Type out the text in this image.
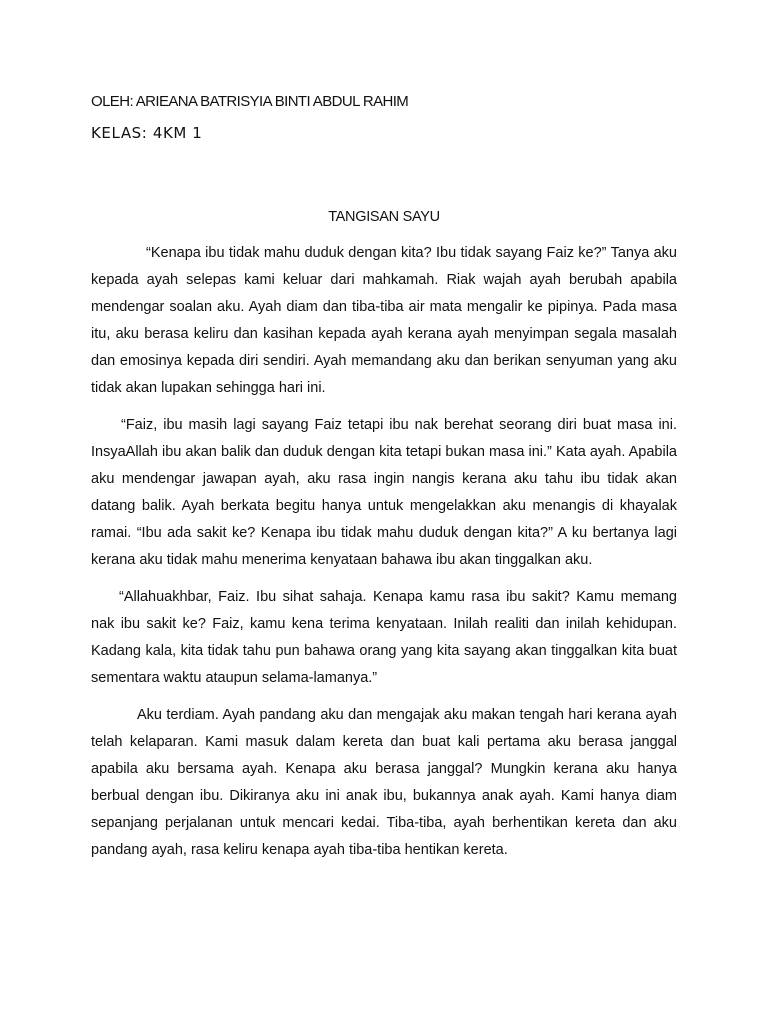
OLEH: ARIEANA BATRISYIA BINTI ABDUL RAHIM
KELAS: 4KM 1
TANGISAN SAYU

“Kenapa ibu tidak mahu duduk dengan kita? Ibu tidak sayang Faiz ke?” Tanya aku kepada ayah selepas kami keluar dari mahkamah. Riak wajah ayah berubah apabila mendengar soalan aku. Ayah diam dan tiba-tiba air mata mengalir ke pipinya. Pada masa itu, aku berasa keliru dan kasihan kepada ayah kerana ayah menyimpan segala masalah dan emosinya kepada diri sendiri. Ayah memandang aku dan berikan senyuman yang aku tidak akan lupakan sehingga hari ini.

“Faiz, ibu masih lagi sayang Faiz tetapi ibu nak berehat seorang diri buat masa ini. InsyaAllah ibu akan balik dan duduk dengan kita tetapi bukan masa ini.” Kata ayah. Apabila aku mendengar jawapan ayah, aku rasa ingin nangis kerana aku tahu ibu tidak akan datang balik. Ayah berkata begitu hanya untuk mengelakkan aku menangis di khayalak ramai. “Ibu ada sakit ke? Kenapa ibu tidak mahu duduk dengan kita?” A ku bertanya lagi kerana aku tidak mahu menerima kenyataan bahawa ibu akan tinggalkan aku.

“Allahuakhbar, Faiz. Ibu sihat sahaja. Kenapa kamu rasa ibu sakit? Kamu memang nak ibu sakit ke? Faiz, kamu kena terima kenyataan. Inilah realiti dan inilah kehidupan. Kadang kala, kita tidak tahu pun bahawa orang yang kita sayang akan tinggalkan kita buat sementara waktu ataupun selama-lamanya.”

Aku terdiam. Ayah pandang aku dan mengajak aku makan tengah hari kerana ayah telah kelaparan. Kami masuk dalam kereta dan buat kali pertama aku berasa janggal apabila aku bersama ayah. Kenapa aku berasa janggal? Mungkin kerana aku hanya berbual dengan ibu. Dikiranya aku ini anak ibu, bukannya anak ayah. Kami hanya diam sepanjang perjalanan untuk mencari kedai. Tiba-tiba, ayah berhentikan kereta dan aku pandang ayah, rasa keliru kenapa ayah tiba-tiba hentikan kereta.
